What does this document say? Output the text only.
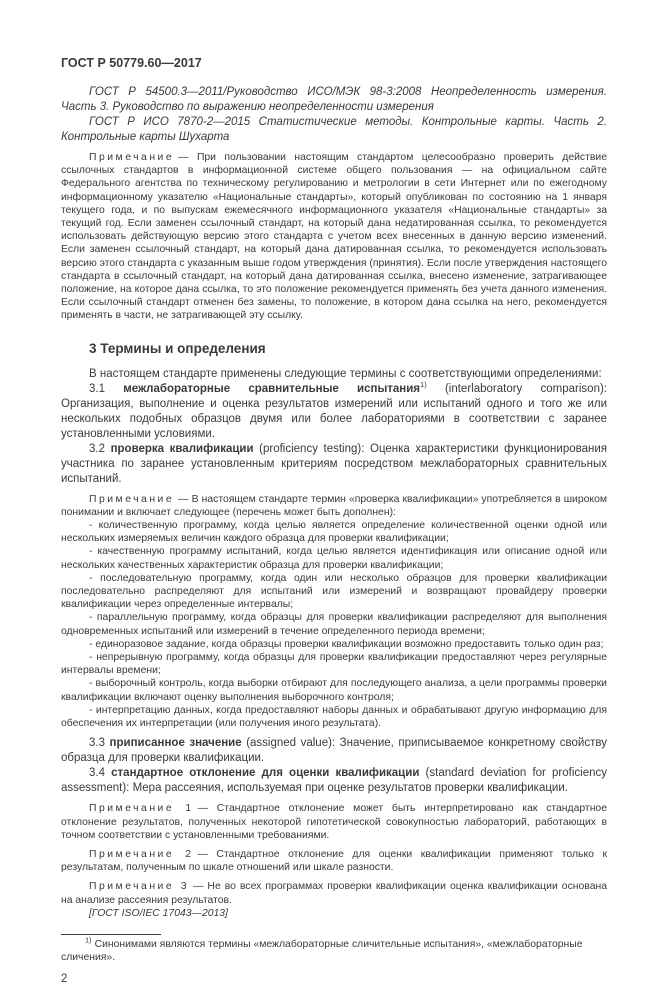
ГОСТ Р 50779.60—2017

ГОСТ Р 54500.3—2011/Руководство ИСО/МЭК 98-3:2008 Неопределенность измерения. Часть 3. Руководство по выражению неопределенности измерения

ГОСТ Р ИСО 7870-2—2015 Статистические методы. Контрольные карты. Часть 2. Контрольные карты Шухарта

Примечание — При пользовании настоящим стандартом целесообразно проверить действие ссылочных стандартов в информационной системе общего пользования — на официальном сайте Федерального агентства по техническому регулированию и метрологии в сети Интернет или по ежегодному информационному указателю «Национальные стандарты», который опубликован по состоянию на 1 января текущего года, и по выпускам ежемесячного информационного указателя «Национальные стандарты» за текущий год. Если заменен ссылочный стандарт, на который дана недатированная ссылка, то рекомендуется использовать действующую версию этого стандарта с учетом всех внесенных в данную версию изменений. Если заменен ссылочный стандарт, на который дана датированная ссылка, то рекомендуется использовать версию этого стандарта с указанным выше годом утверждения (принятия). Если после утверждения настоящего стандарта в ссылочный стандарт, на который дана датированная ссылка, внесено изменение, затрагивающее положение, на которое дана ссылка, то это положение рекомендуется применять без учета данного изменения. Если ссылочный стандарт отменен без замены, то положение, в котором дана ссылка на него, рекомендуется применять в части, не затрагивающей эту ссылку.

3 Термины и определения

В настоящем стандарте применены следующие термины с соответствующими определениями:

3.1 межлабораторные сравнительные испытания$^{1)}$ (interlaboratory comparison): Организация, выполнение и оценка результатов измерений или испытаний одного и того же или нескольких подобных образцов двумя или более лабораториями в соответствии с заранее установленными условиями.

3.2 проверка квалификации (proficiency testing): Оценка характеристики функционирования участника по заранее установленным критериям посредством межлабораторных сравнительных испытаний.

Примечание — В настоящем стандарте термин «проверка квалификации» употребляется в широком понимании и включает следующее (перечень может быть дополнен):

- количественную программу, когда целью является определение количественной оценки одной или нескольких измеряемых величин каждого образца для проверки квалификации;

- качественную программу испытаний, когда целью является идентификация или описание одной или нескольких качественных характеристик образца для проверки квалификации;

- последовательную программу, когда один или несколько образцов для проверки квалификации последовательно распределяют для испытаний или измерений и возвращают провайдеру проверки квалификации через определенные интервалы;

- параллельную программу, когда образцы для проверки квалификации распределяют для выполнения одновременных испытаний или измерений в течение определенного периода времени;

- единоразовое задание, когда образцы проверки квалификации возможно предоставить только один раз;

- непрерывную программу, когда образцы для проверки квалификации предоставляют через регулярные интервалы времени;

- выборочный контроль, когда выборки отбирают для последующего анализа, а цели программы проверки квалификации включают оценку выполнения выборочного контроля;

- интерпретацию данных, когда предоставляют наборы данных и обрабатывают другую информацию для обеспечения их интерпретации (или получения иного результата).

3.3 приписанное значение (assigned value): Значение, приписываемое конкретному свойству образца для проверки квалификации.

3.4 стандартное отклонение для оценки квалификации (standard deviation for proficiency assessment): Мера рассеяния, используемая при оценке результатов проверки квалификации.

Примечание 1 — Стандартное отклонение может быть интерпретировано как стандартное отклонение результатов, полученных некоторой гипотетической совокупностью лабораторий, работающих в точном соответствии с установленными требованиями.

Примечание 2 — Стандартное отклонение для оценки квалификации применяют только к результатам, полученным по шкале отношений или шкале разности.

Примечание 3 — Не во всех программах проверки квалификации оценка квалификации основана на анализе рассеяния результатов.

[ГОСТ ISO/IEC 17043—2013]

$^{1)}$ Синонимами являются термины «межлабораторные сличительные испытания», «межлабораторные сличения».

2
